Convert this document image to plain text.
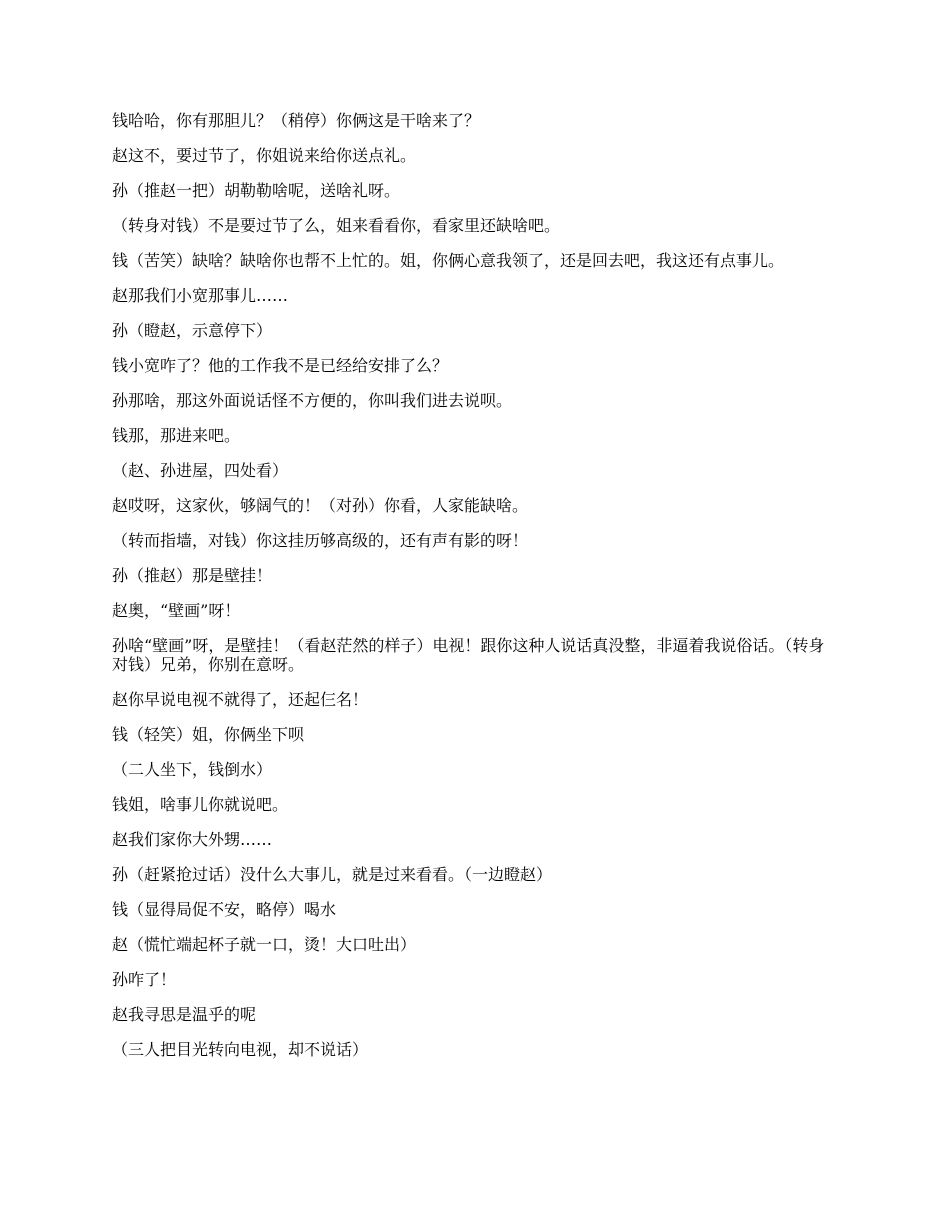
钱哈哈，你有那胆儿？（稍停）你俩这是干啥来了？

赵这不，要过节了，你姐说来给你送点礼。

孙（推赵一把）胡勒勒啥呢，送啥礼呀。

（转身对钱）不是要过节了么，姐来看看你，看家里还缺啥吧。

钱（苦笑）缺啥？缺啥你也帮不上忙的。姐，你俩心意我领了，还是回去吧，我这还有点事儿。

赵那我们小宽那事儿……

孙（瞪赵，示意停下）

钱小宽咋了？他的工作我不是已经给安排了么？

孙那啥，那这外面说话怪不方便的，你叫我们进去说呗。

钱那，那进来吧。

（赵、孙进屋，四处看）

赵哎呀，这家伙，够阔气的！（对孙）你看，人家能缺啥。

（转而指墙，对钱）你这挂历够高级的，还有声有影的呀！

孙（推赵）那是壁挂！

赵奥，“壁画”呀！

孙啥“壁画”呀，是壁挂！（看赵茫然的样子）电视！跟你这种人说话真没整，非逼着我说俗话。（转身对钱）兄弟，你别在意呀。

赵你早说电视不就得了，还起仨名！

钱（轻笑）姐，你俩坐下呗

（二人坐下，钱倒水）

钱姐，啥事儿你就说吧。

赵我们家你大外甥……

孙（赶紧抢过话）没什么大事儿，就是过来看看。（一边瞪赵）

钱（显得局促不安，略停）喝水

赵（慌忙端起杯子就一口，烫！大口吐出）

孙咋了！

赵我寻思是温乎的呢

（三人把目光转向电视，却不说话）
